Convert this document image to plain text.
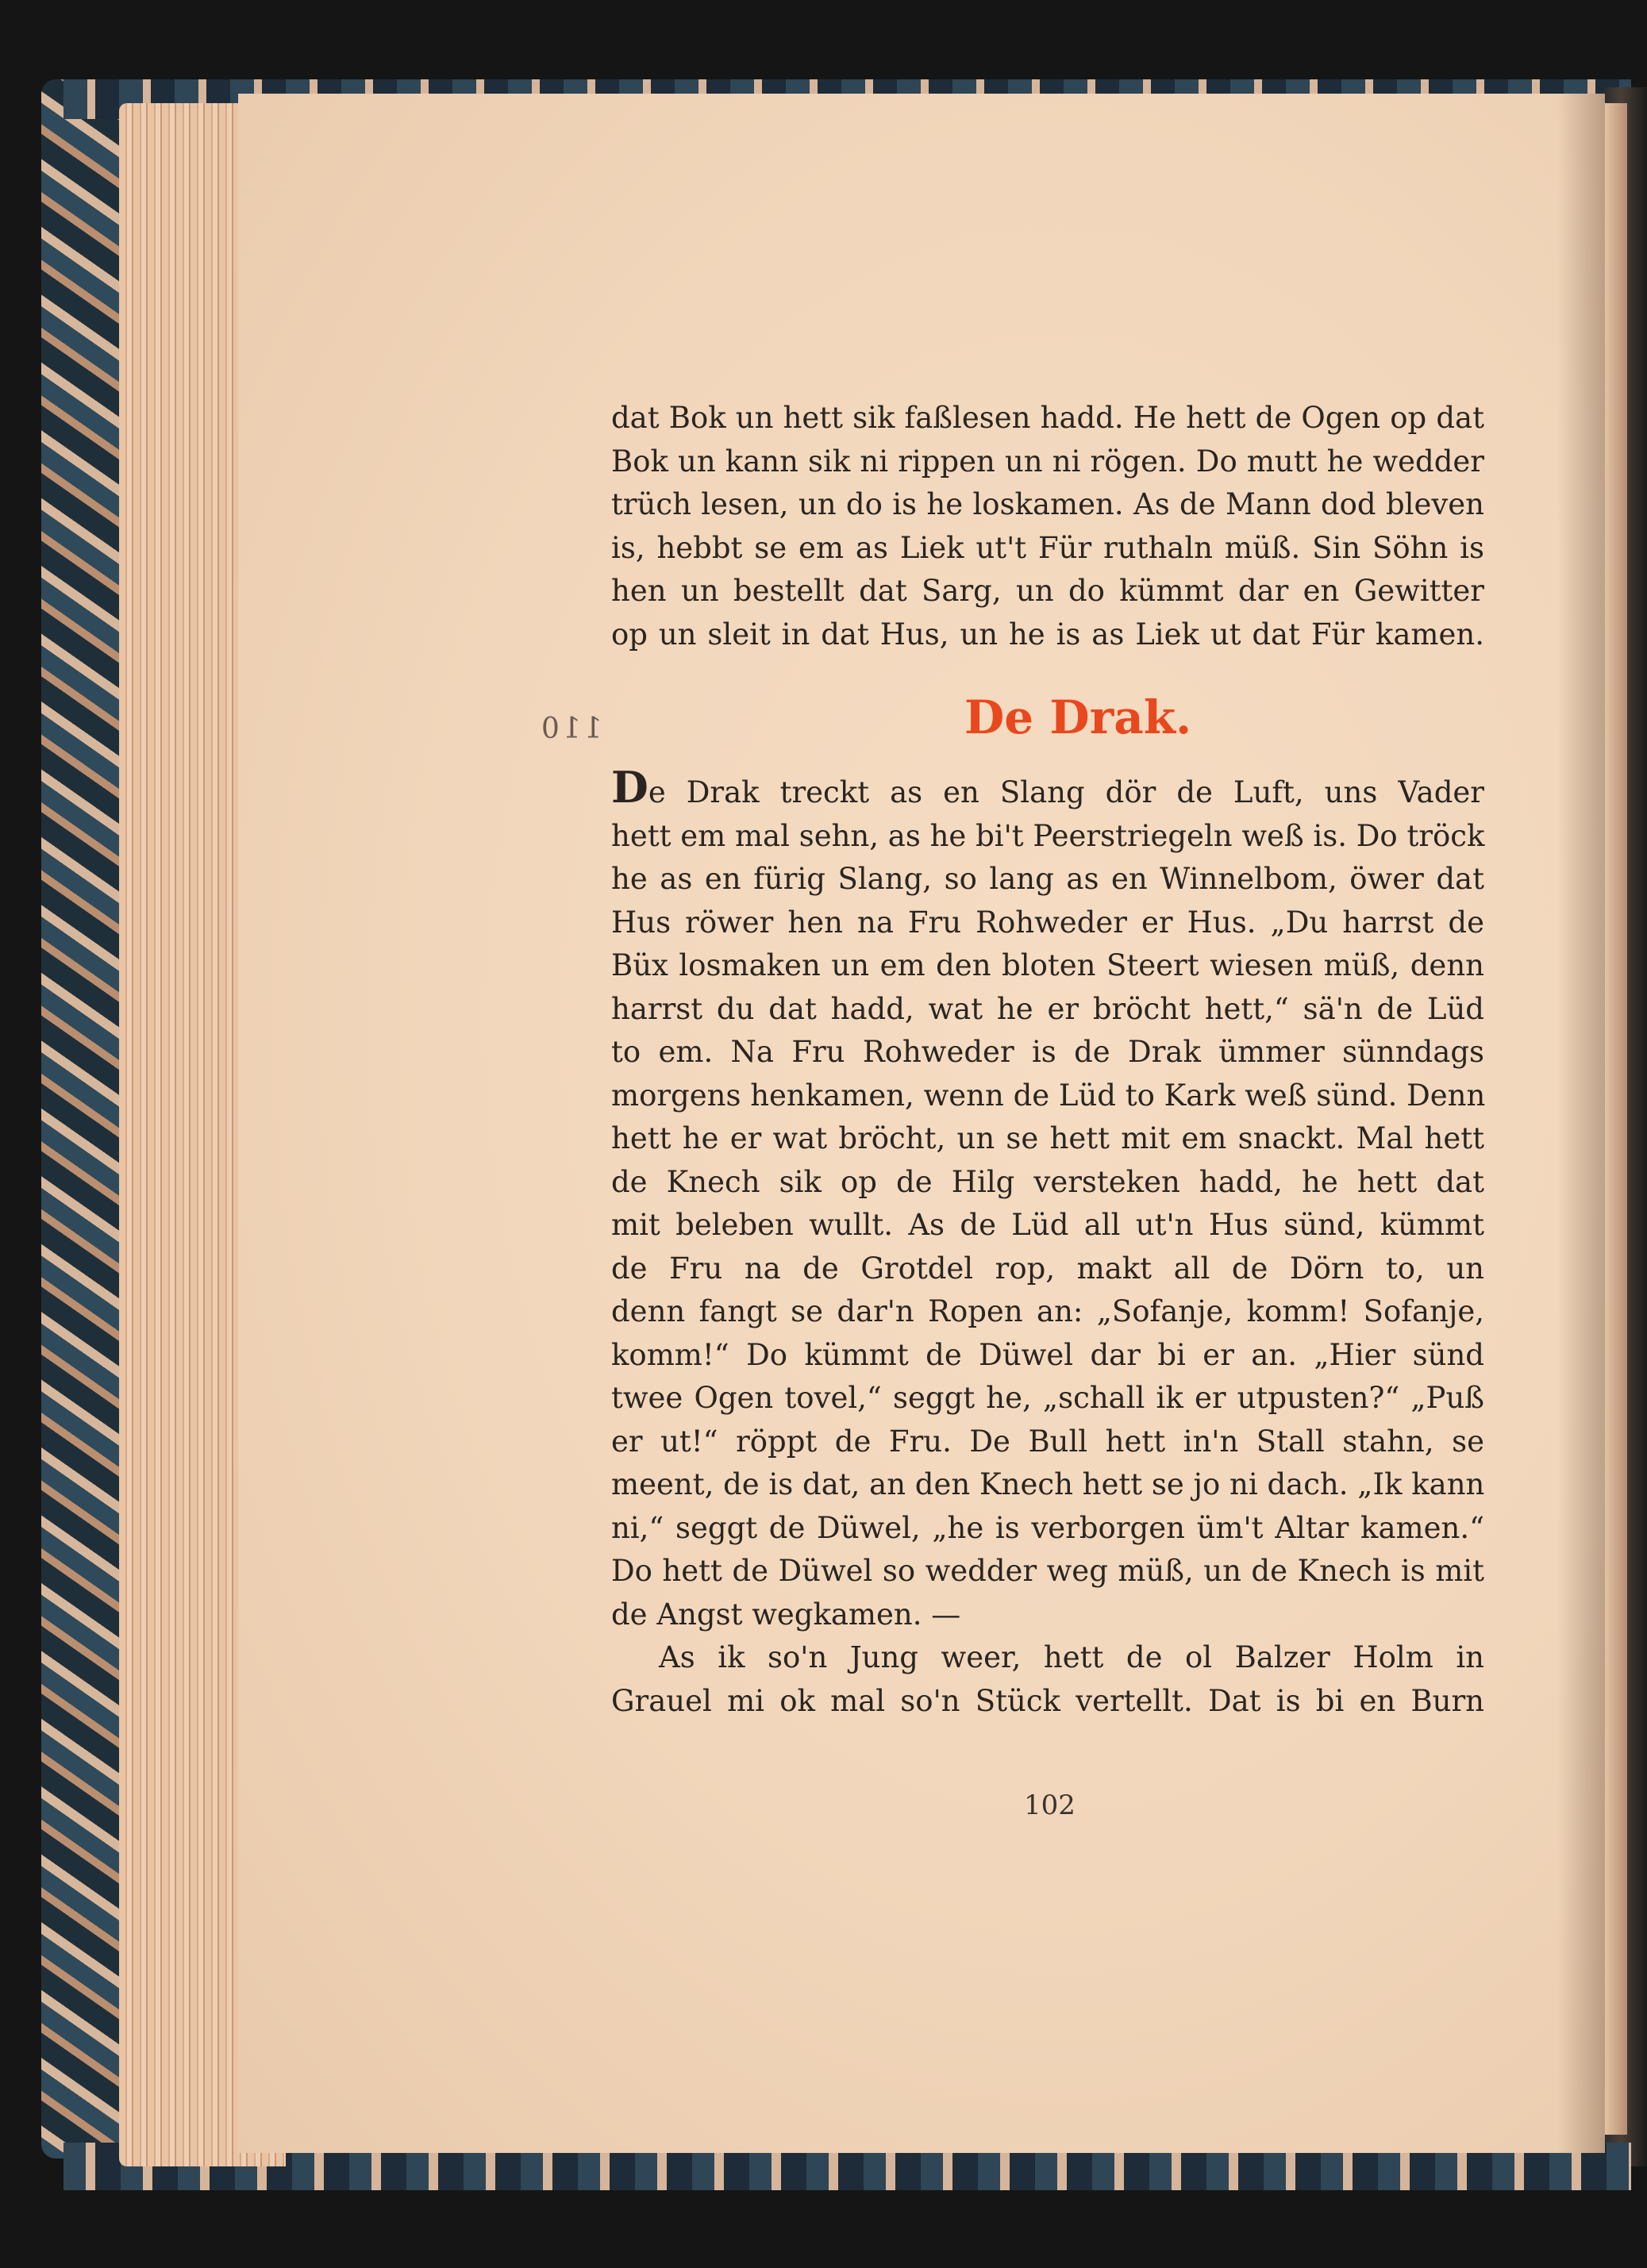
110
dat Bok un hett sik faßlesen hadd. He hett de Ogen op dat
Bok un kann sik ni rippen un ni rögen. Do mutt he wedder
trüch lesen, un do is he loskamen. As de Mann dod bleven
is, hebbt se em as Liek ut't Für ruthaln müß. Sin Söhn is
hen un bestellt dat Sarg, un do kümmt dar en Gewitter
op un sleit in dat Hus, un he is as Liek ut dat Für kamen.
De Drak.
De Drak treckt as en Slang dör de Luft, uns Vader
hett em mal sehn, as he bi't Peerstriegeln weß is. Do tröck
he as en fürig Slang, so lang as en Winnelbom, öwer dat
Hus röwer hen na Fru Rohweder er Hus. „Du harrst de
Büx losmaken un em den bloten Steert wiesen müß, denn
harrst du dat hadd, wat he er bröcht hett,“ sä'n de Lüd
to em. Na Fru Rohweder is de Drak ümmer sünndags
morgens henkamen, wenn de Lüd to Kark weß sünd. Denn
hett he er wat bröcht, un se hett mit em snackt. Mal hett
de Knech sik op de Hilg versteken hadd, he hett dat
mit beleben wullt. As de Lüd all ut'n Hus sünd, kümmt
de Fru na de Grotdel rop, makt all de Dörn to, un
denn fangt se dar'n Ropen an: „Sofanje, komm! Sofanje,
komm!“ Do kümmt de Düwel dar bi er an. „Hier sünd
twee Ogen tovel,“ seggt he, „schall ik er utpusten?“ „Puß
er ut!“ röppt de Fru. De Bull hett in'n Stall stahn, se
meent, de is dat, an den Knech hett se jo ni dach. „Ik kann
ni,“ seggt de Düwel, „he is verborgen üm't Altar kamen.“
Do hett de Düwel so wedder weg müß, un de Knech is mit
de Angst wegkamen. —
As ik so'n Jung weer, hett de ol Balzer Holm in
Grauel mi ok mal so'n Stück vertellt. Dat is bi en Burn
102
